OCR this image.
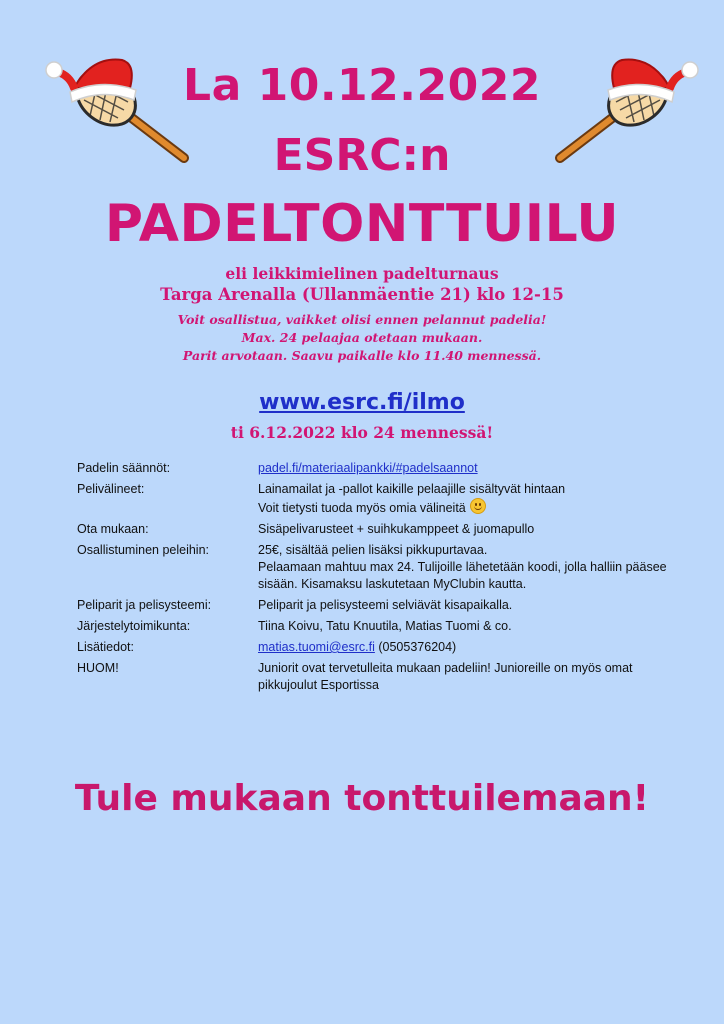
La 10.12.2022
ESRC:n
PADELTONTTUILU
eli leikkimielinen padelturnaus
Targa Arenalla (Ullanmäentie 21) klo 12-15
Voit osallistua, vaikket olisi ennen pelannut padelia!
Max. 24 pelaajaa otetaan mukaan.
Parit arvotaan. Saavu paikalle klo 11.40 mennessä.
www.esrc.fi/ilmo
ti 6.12.2022 klo 24 mennessä!
Padelin säännöt:	padel.fi/materiaalipankki/#padelsaannot
Pelivälineet:	Lainamailat ja -pallot kaikille pelaajille sisältyvät hintaan

Voit tietysti tuoda myös omia välineitä

Ota mukaan:	Sisäpelivarusteet + suihkukamppeet & juomapullo
Osallistuminen peleihin:	25€, sisältää pelien lisäksi pikkupurtavaa.

Pelaamaan mahtuu max 24. Tulijoille lähetetään koodi, jolla halliin pääsee sisään. Kisamaksu laskutetaan MyClubin kautta.

Peliparit ja pelisysteemi:	Peliparit ja pelisysteemi selviävät kisapaikalla.
Järjestelytoimikunta:	Tiina Koivu, Tatu Knuutila, Matias Tuomi & co.
Lisätiedot:	matias.tuomi@esrc.fi (0505376204)
HUOM!	Juniorit ovat tervetulleita mukaan padeliin! Junioreille on myös omat pikkujoulut Esportissa
Tule mukaan tonttuilemaan!
